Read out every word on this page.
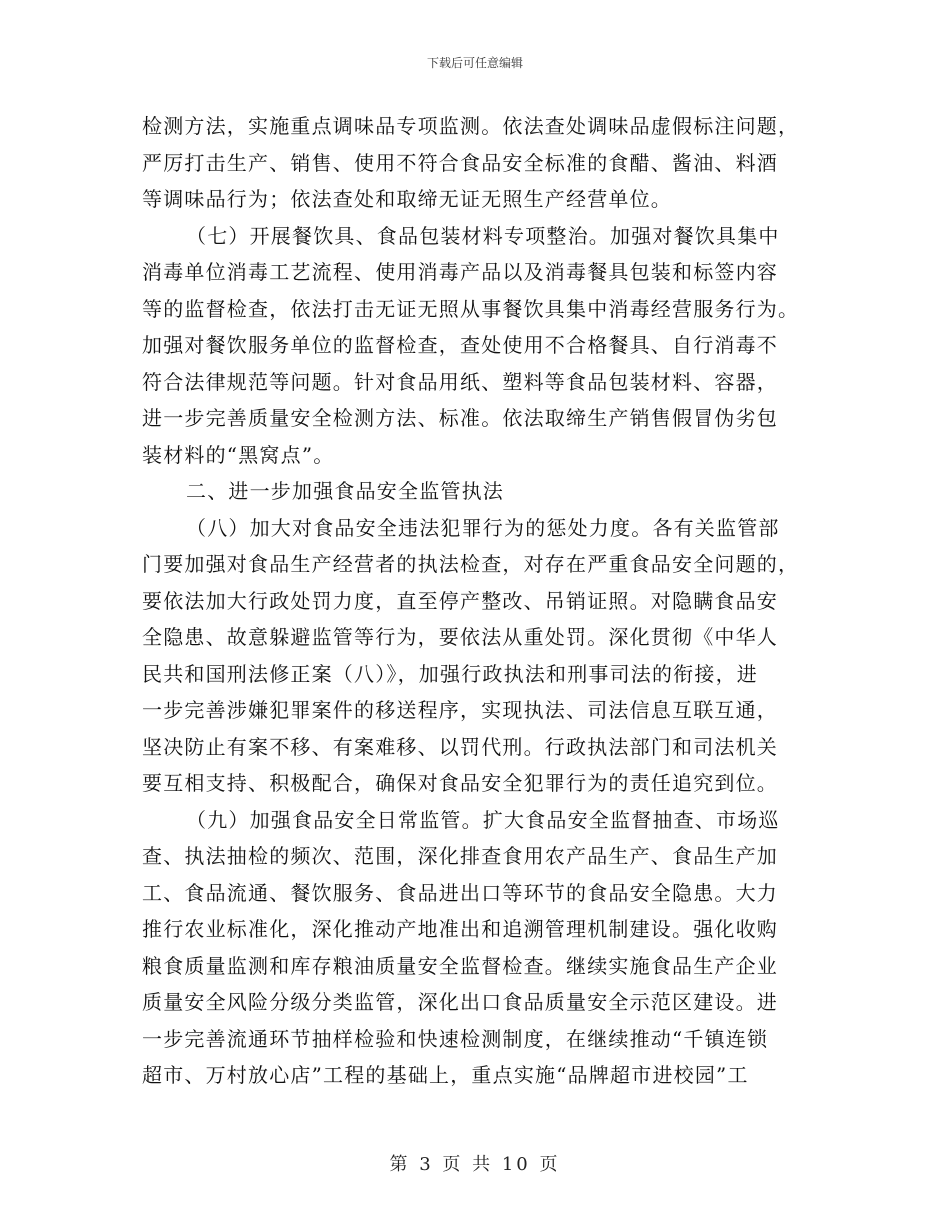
下载后可任意编辑
检测方法，实施重点调味品专项监测。依法查处调味品虚假标注问题，
严厉打击生产、销售、使用不符合食品安全标准的食醋、酱油、料酒
等调味品行为；依法查处和取缔无证无照生产经营单位。
（七）开展餐饮具、食品包装材料专项整治。加强对餐饮具集中
消毒单位消毒工艺流程、使用消毒产品以及消毒餐具包装和标签内容
等的监督检查，依法打击无证无照从事餐饮具集中消毒经营服务行为。
加强对餐饮服务单位的监督检查，查处使用不合格餐具、自行消毒不
符合法律规范等问题。针对食品用纸、塑料等食品包装材料、容器，
进一步完善质量安全检测方法、标准。依法取缔生产销售假冒伪劣包
装材料的“黑窝点”。
二、进一步加强食品安全监管执法
（八）加大对食品安全违法犯罪行为的惩处力度。各有关监管部
门要加强对食品生产经营者的执法检查，对存在严重食品安全问题的，
要依法加大行政处罚力度，直至停产整改、吊销证照。对隐瞒食品安
全隐患、故意躲避监管等行为，要依法从重处罚。深化贯彻《中华人
民共和国刑法修正案（八）》，加强行政执法和刑事司法的衔接，进
一步完善涉嫌犯罪案件的移送程序，实现执法、司法信息互联互通，
坚决防止有案不移、有案难移、以罚代刑。行政执法部门和司法机关
要互相支持、积极配合，确保对食品安全犯罪行为的责任追究到位。
（九）加强食品安全日常监管。扩大食品安全监督抽查、市场巡
查、执法抽检的频次、范围，深化排查食用农产品生产、食品生产加
工、食品流通、餐饮服务、食品进出口等环节的食品安全隐患。大力
推行农业标准化，深化推动产地准出和追溯管理机制建设。强化收购
粮食质量监测和库存粮油质量安全监督检查。继续实施食品生产企业
质量安全风险分级分类监管，深化出口食品质量安全示范区建设。进
一步完善流通环节抽样检验和快速检测制度，在继续推动“千镇连锁
超市、万村放心店”工程的基础上，重点实施“品牌超市进校园”工
第 3 页 共 10 页
